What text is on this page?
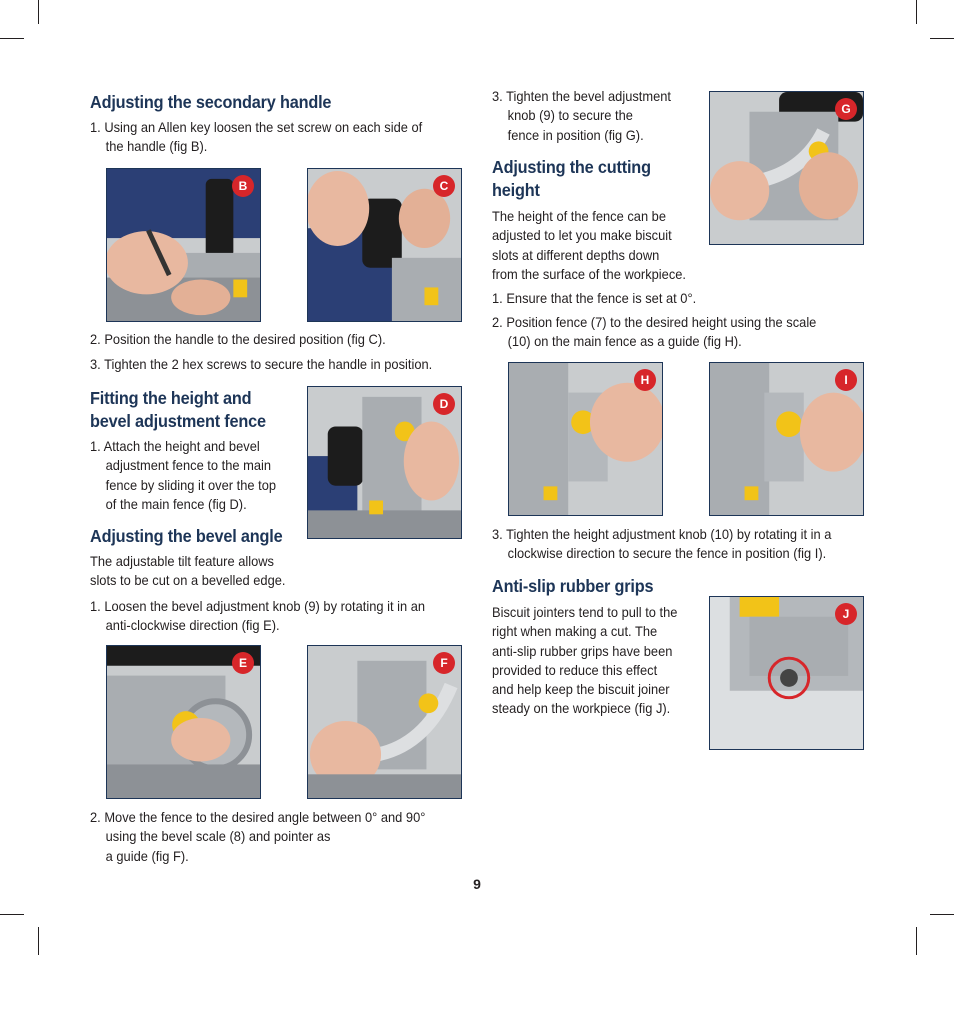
Adjusting the secondary handle
1. Using an Allen key loosen the set screw on each side of
the handle (fig B).
B	C
2. Position the handle to the desired position (fig C).
3. Tighten the 2 hex screws to secure the handle in position.
Fitting the height and
bevel adjustment fence
1. Attach the height and bevel
adjustment fence to the main
fence by sliding it over the top
of the main fence (fig D).
D
Adjusting the bevel angle
The adjustable tilt feature allows
slots to be cut on a bevelled edge.
1. Loosen the bevel adjustment knob (9) by rotating it in an
anti-clockwise direction (fig E).
E	F
2. Move the fence to the desired angle between 0° and 90°
using the bevel scale (8) and pointer as
a guide (fig F).
3. Tighten the bevel adjustment
knob (9) to secure the
fence in position (fig G).
G
Adjusting the cutting
height
The height of the fence can be
adjusted to let you make biscuit
slots at different depths down
from the surface of the workpiece.
1. Ensure that the fence is set at 0°.
2. Position fence (7) to the desired height using the scale
(10) on the main fence as a guide (fig H).
H	I
3. Tighten the height adjustment knob (10) by rotating it in a
clockwise direction to secure the fence in position (fig I).
Anti-slip rubber grips
Biscuit jointers tend to pull to the
right when making a cut. The
anti-slip rubber grips have been
provided to reduce this effect
and help keep the biscuit joiner
steady on the workpiece (fig J).
J
9
